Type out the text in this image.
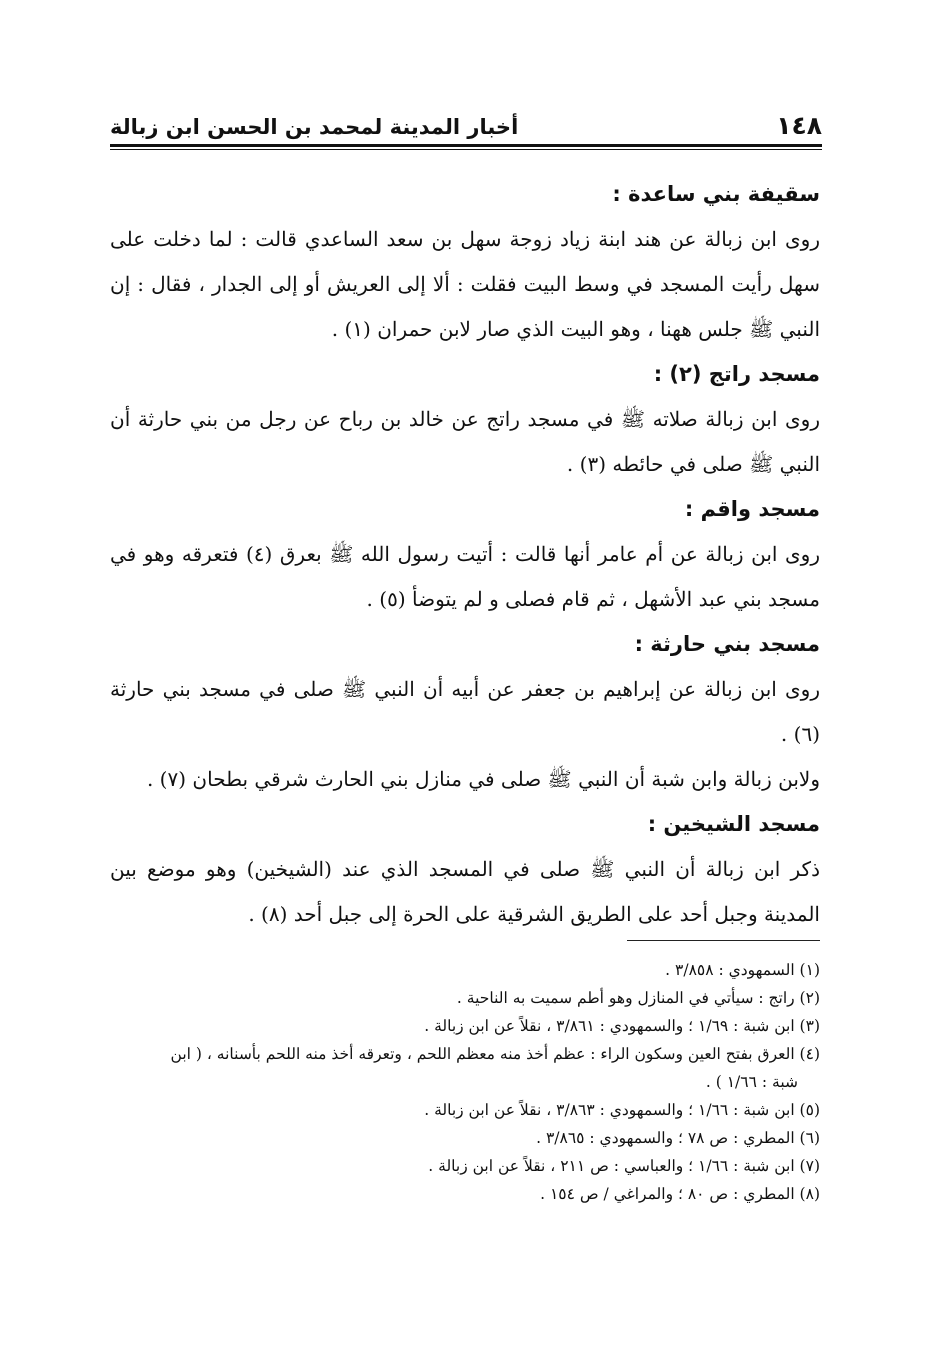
١٤٨
أخبار المدينة لمحمد بن الحسن ابن زبالة
سقيفة بني ساعدة :
روى ابن زبالة عن هند ابنة زياد زوجة سهل بن سعد الساعدي قالت : لما دخلت على سهل رأيت المسجد في وسط البيت فقلت : ألا إلى العريش أو إلى الجدار ، فقال : إن النبي ﷺ جلس ههنا ، وهو البيت الذي صار لابن حمران (١) .
مسجد راتج (٢) :
روى ابن زبالة صلاته ﷺ في مسجد راتج عن خالد بن رباح عن رجل من بني حارثة أن النبي ﷺ صلى في حائطه (٣) .
مسجد واقم :
روى ابن زبالة عن أم عامر أنها قالت : أتيت رسول الله ﷺ بعرق (٤) فتعرقه وهو في مسجد بني عبد الأشهل ، ثم قام فصلى و لم يتوضأ (٥) .
مسجد بني حارثة :
روى ابن زبالة عن إبراهيم بن جعفر عن أبيه أن النبي ﷺ صلى في مسجد بني حارثة (٦) .
ولابن زبالة وابن شبة أن النبي ﷺ صلى في منازل بني الحارث شرقي بطحان (٧) .
مسجد الشيخين :
ذكر ابن زبالة أن النبي ﷺ صلى في المسجد الذي عند (الشيخين) وهو موضع بين المدينة وجبل أحد على الطريق الشرقية على الحرة إلى جبل أحد (٨) .
(١) السمهودي : ٣/٨٥٨ .
(٢) راتج : سيأتي في المنازل وهو أطم سميت به الناحية .
(٣) ابن شبة : ١/٦٩ ؛ والسمهودي : ٣/٨٦١ ، نقلاً عن ابن زبالة .
(٤) العرق بفتح العين وسكون الراء : عظم أخذ منه معظم اللحم ، وتعرقه أخذ منه اللحم بأسنانه ، ( ابن
شبة : ١/٦٦ ) .
(٥) ابن شبة : ١/٦٦ ؛ والسمهودي : ٣/٨٦٣ ، نقلاً عن ابن زبالة .
(٦) المطري : ص ٧٨ ؛ والسمهودي : ٣/٨٦٥ .
(٧) ابن شبة : ١/٦٦ ؛ والعباسي : ص ٢١١ ، نقلاً عن ابن زبالة .
(٨) المطري : ص ٨٠ ؛ والمراغي / ص ١٥٤ .
